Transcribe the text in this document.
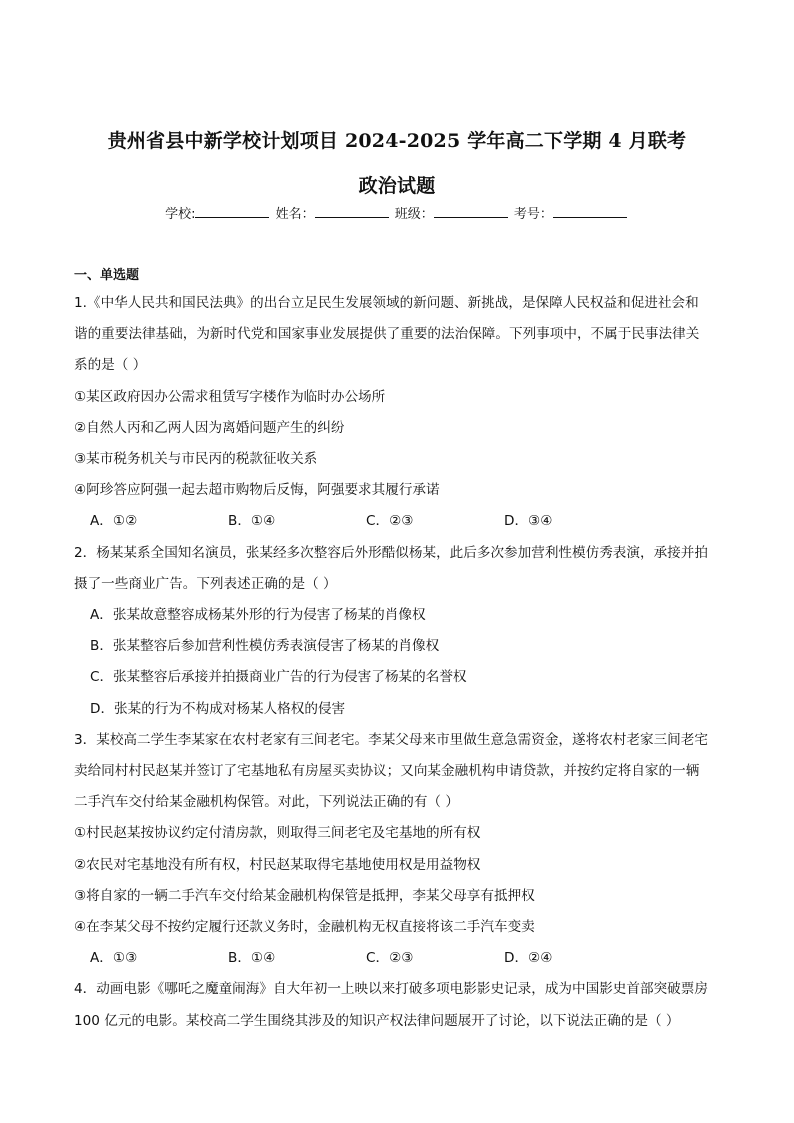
贵州省县中新学校计划项目 2024-2025 学年高二下学期 4 月联考
政治试题
学校:	姓名：	班级：	考号：
一、单选题
1.《中华人民共和国民法典》的出台立足民生发展领域的新问题、新挑战，是保障人民权益和促进社会和
谐的重要法律基础，为新时代党和国家事业发展提供了重要的法治保障。下列事项中，不属于民事法律关
系的是（ ）
①某区政府因办公需求租赁写字楼作为临时办公场所
②自然人丙和乙两人因为离婚问题产生的纠纷
③某市税务机关与市民丙的税款征收关系
④阿珍答应阿强一起去超市购物后反悔，阿强要求其履行承诺
A．①②	B．①④	C．②③	D．③④
2．杨某某系全国知名演员，张某经多次整容后外形酷似杨某，此后多次参加营利性模仿秀表演，承接并拍
摄了一些商业广告。下列表述正确的是（ ）
A．张某故意整容成杨某外形的行为侵害了杨某的肖像权
B．张某整容后参加营利性模仿秀表演侵害了杨某的肖像权
C．张某整容后承接并拍摄商业广告的行为侵害了杨某的名誉权
D．张某的行为不构成对杨某人格权的侵害
3．某校高二学生李某家在农村老家有三间老宅。李某父母来市里做生意急需资金，遂将农村老家三间老宅
卖给同村村民赵某并签订了宅基地私有房屋买卖协议；又向某金融机构申请贷款，并按约定将自家的一辆
二手汽车交付给某金融机构保管。对此，下列说法正确的有（ ）
①村民赵某按协议约定付清房款，则取得三间老宅及宅基地的所有权
②农民对宅基地没有所有权，村民赵某取得宅基地使用权是用益物权
③将自家的一辆二手汽车交付给某金融机构保管是抵押，李某父母享有抵押权
④在李某父母不按约定履行还款义务时，金融机构无权直接将该二手汽车变卖
A．①③	B．①④	C．②③	D．②④
4．动画电影《哪吒之魔童闹海》自大年初一上映以来打破多项电影影史记录，成为中国影史首部突破票房
100 亿元的电影。某校高二学生围绕其涉及的知识产权法律问题展开了讨论，以下说法正确的是（ ）
